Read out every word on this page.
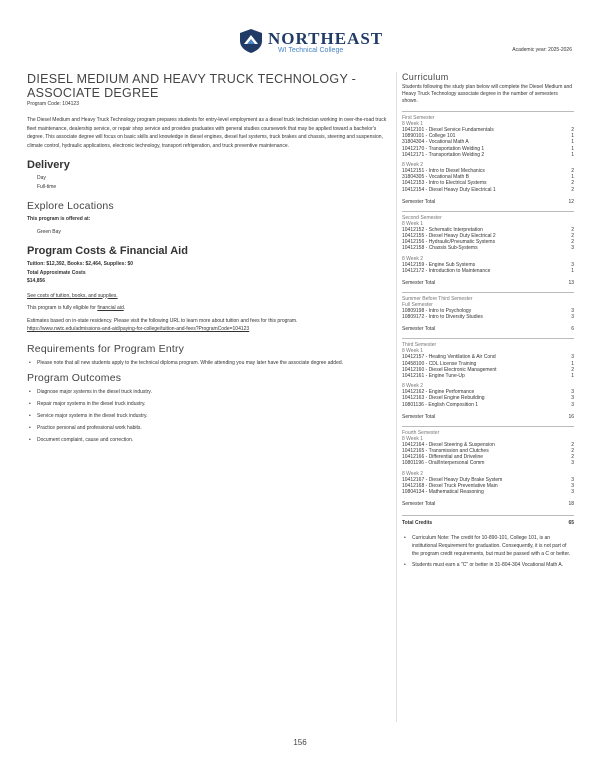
NORTHEAST
WI Technical College	Academic year: 2025-2026
DIESEL MEDIUM AND HEAVY TRUCK TECHNOLOGY - ASSOCIATE DEGREE
Program Code: 104123
The Diesel Medium and Heavy Truck Technology program prepares students for entry-level employment as a diesel truck technician working in over-the-road truck fleet maintenance, dealership service, or repair shop service and provides graduates with general studies coursework that may be applied toward a bachelor's degree. This associate degree will focus on basic skills and knowledge in diesel engines, diesel fuel systems, truck brakes and chassis, steering and suspension, climate control, hydraulic applications, electronic technology, transport refrigeration, and truck preventive maintenance.
Delivery
Day
Full-time
Explore Locations
This program is offered at:
Green Bay
Program Costs & Financial Aid
Tuition: $12,392, Books: $2,464, Supplies: $0
Total Approximate Costs
$14,856
See costs of tuition, books, and supplies.
This program is fully eligible for financial aid.
Estimates based on in-state residency. Please visit the following URL to learn more about tuition and fees for this program.
https://www.nwtc.edu/admissions-and-aid/paying-for-college/tuition-and-fees?ProgramCode=104123
Requirements for Program Entry
• Please note that all new students apply to the technical diploma program. While attending you may later have the associate degree added.
Program Outcomes
• Diagnose major systems in the diesel truck industry.
• Repair major systems in the diesel truck industry.
• Service major systems in the diesel truck industry.
• Practice personal and professional work habits.
• Document complaint, cause and correction.
Curriculum
Students following the study plan below will complete the Diesel Medium and Heavy Truck Technology associate degree in the number of semesters shown.
First Semester
8 Week 1
10412101 - Diesel Service Fundamentals	2
10890101 - College 101	1
31804304 - Vocational Math A	1
10412170 - Transportation Welding 1	1
10412171 - Transportation Welding 2	1
8 Week 2
10412151 - Intro to Diesel Mechanics	2
31804305 - Vocational Math B	1
10412153 - Intro to Electrical Systems	2
10412154 - Diesel Heavy Duty Electrical 1	2
Semester Total	12
Second Semester
8 Week 1
10412152 - Schematic Interpretation	2
10412155 - Diesel Heavy Duty Electrical 2	2
10412156 - Hydraulic/Pneumatic Systems	2
10412158 - Chassis Sub-Systems	3
8 Week 2
10412159 - Engine Sub Systems	3
10412172 - Introduction to Maintenance	1
Semester Total	13
Summer Before Third Semester
Full Semester
10809198 - Intro to Psychology	3
10809172 - Intro to Diversity Studies	3
Semester Total	6
Third Semester
8 Week 1
10412157 - Heating Ventilation & Air Cond	3
10458100 - CDL License Training	1
10412160 - Diesel Electronic Management	2
10412161 - Engine Tune-Up	1
8 Week 2
10412162 - Engine Performance	3
10412163 - Diesel Engine Rebuilding	3
10801136 - English Composition 1	3
Semester Total	16
Fourth Semester
8 Week 1
10412164 - Diesel Steering & Suspension	2
10412165 - Transmission and Clutches	2
10412166 - Differential and Driveline	2
10801196 - Oral/Interpersonal Comm	3
8 Week 2
10412167 - Diesel Heavy Duty Brake System	3
10412168 - Diesel Truck Preventative Main	3
10804134 - Mathematical Reasoning	3
Semester Total	18
Total Credits	65
• Curriculum Note: The credit for 10-890-101, College 101, is an institutional Requirement for graduation. Consequently, it is not part of the program credit requirements, but must be passed with a C or better.
• Students must earn a "C" or better in 31-804-304 Vocational Math A.
156
